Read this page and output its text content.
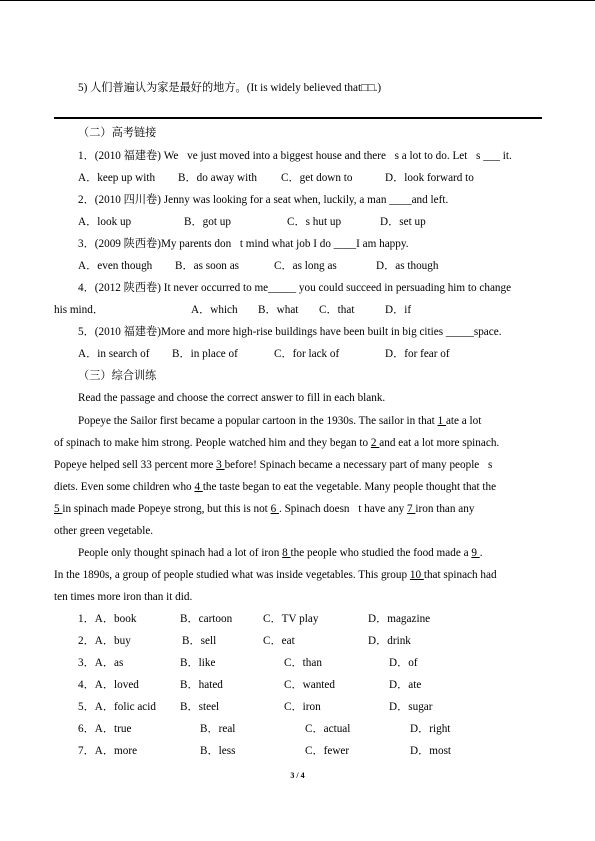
5) 人们普遍认为家是最好的地方。(It is widely believed that□□.)
（二）高考链接
1．(2010 福建卷) We ve just moved into a biggest house and there s a lot to do. Let s ___ it.
A．keep up with B．do away with C．get down to	D．look forward to
2．(2010 四川卷) Jenny was looking for a seat when, luckily, a man ____and left.
A．look up	B．got up	C．s hut up	D．set up
3．(2009 陕西卷)My parents don t mind what job I do ____I am happy.
A．even though B．as soon as	C．as long as	D．as though
4．(2012 陕西卷) It never occurred to me_____ you could succeed in persuading him to change
his mind．	A．which B．what C．that	D．if
5．(2010 福建卷)More and more high-rise buildings have been built in big cities _____space.
A．in search of B．in place of	C．for lack of	D．for fear of
（三）综合训练
Read the passage and choose the correct answer to fill in each blank.
Popeye the Sailor first became a popular cartoon in the 1930s. The sailor in that 1 ate a lot
of spinach to make him strong. People watched him and they began to 2 and eat a lot more spinach.
Popeye helped sell 33 percent more 3 before! Spinach became a necessary part of many people s
diets. Even some children who 4 the taste began to eat the vegetable. Many people thought that the
5 in spinach made Popeye strong, but this is not 6 . Spinach doesn t have any 7 iron than any
other green vegetable.
People only thought spinach had a lot of iron 8 the people who studied the food made a 9 .
In the 1890s, a group of people studied what was inside vegetables. This group 10 that spinach had
ten times more iron than it did.
1．A．book	B．cartoon	C．TV play	D．magazine
2．A．buy	B．sell	C．eat	D．drink
3．A．as	B．like	C．than	D．of
4．A．loved	B．hated	C．wanted	D．ate
5．A．folic acid B．steel	C．iron	D．sugar
6．A．true	B．real	C．actual	D．right
7．A．more	B．less	C．fewer	D．most
3 / 4
